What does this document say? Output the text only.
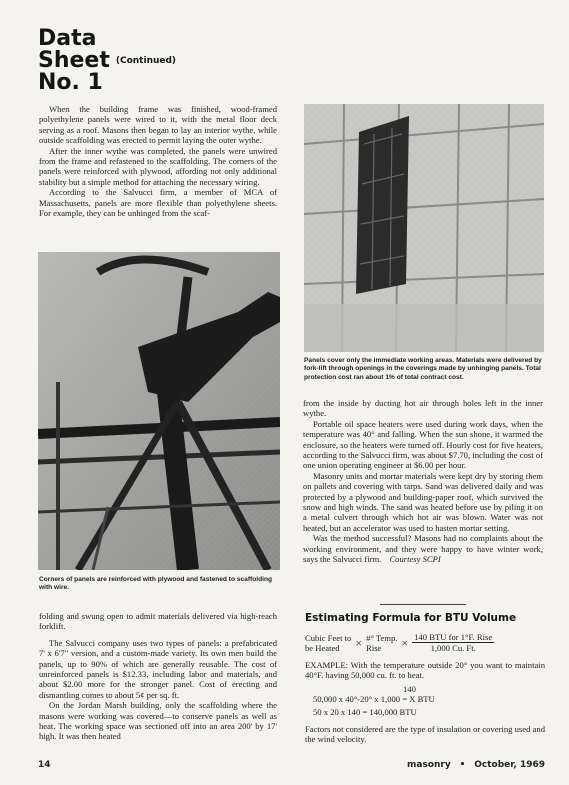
Data
Sheet (Continued)
No. 1

When the building frame was finished, wood-framed polyethylene panels were wired to it, with the metal floor deck serving as a roof. Masons then began to lay an interior wythe, while outside scaffolding was erected to permit laying the outer wythe.

After the inner wythe was completed, the panels were unwired from the frame and refastened to the scaffolding. The corners of the panels were reinforced with plywood, affording not only additional stability but a simple method for attaching the necessary wiring.

According to the Salvucci firm, a member of MCA of Massachusetts, panels are more flexible than polyethylene sheets. For example, they can be unhinged from the scaf-

Corners of panels are reinforced with plywood and fastened to scaffolding with wire.

folding and swung open to admit materials delivered via high-reach forklift.

The Salvucci company uses two types of panels: a prefabricated 7' x 6'7" version, and a custom-made variety. Its own men build the panels, up to 90% of which are generally reusable. The cost of unreinforced panels is $12.33, including labor and materials, and about $2.00 more for the stronger panel. Cost of erecting and dismantling comes to about 5¢ per sq. ft.

On the Jordan Marsh building, only the scaffolding where the masons were working was covered—to conserve panels as well as heat. The working space was sectioned off into an area 200' by 17' high. It was then heated

Panels cover only the immediate working areas. Materials were delivered by fork-lift through openings in the coverings made by unhinging panels. Total protection cost ran about 1% of total contract cost.

from the inside by ducting hot air through holes left in the inner wythe.

Portable oil space heaters were used during work days, when the temperature was 40° and falling. When the sun shone, it warmed the enclosure, so the heaters were turned off. Hourly cost for five heaters, according to the Salvucci firm, was about $7.70, including the cost of one union operating engineer at $6.00 per hour.

Masonry units and mortar materials were kept dry by storing them on pallets and covering with tarps. Sand was delivered daily and was protected by a plywood and building-paper roof, which survived the snow and high winds. The sand was heated before use by piling it on a metal culvert through which hot air was blown. Water was not heated, but an accelerator was used to hasten mortar setting.

Was the method successful? Masons had no complaints about the working environment, and they were happy to have winter work, says the Salvucci firm. Courtesy SCPI

Estimating Formula for BTU Volume
Cubic Feet to
be Heated	× #° Temp.
Rise	× $\frac{\text{140 BTU for 1°F. Rise}}{1,000 Cu. Ft.}$

EXAMPLE: With the temperature outside 20° you want to maintain 40°F. having 50,000 cu. ft. to heat.

140
50,000 x 40°-20° x 1,000 = X BTU
50 x 20 x 140 = 140,000 BTU

Factors not considered are the type of insulation or covering used and the wind velocity.

14	masonry • October, 1969
